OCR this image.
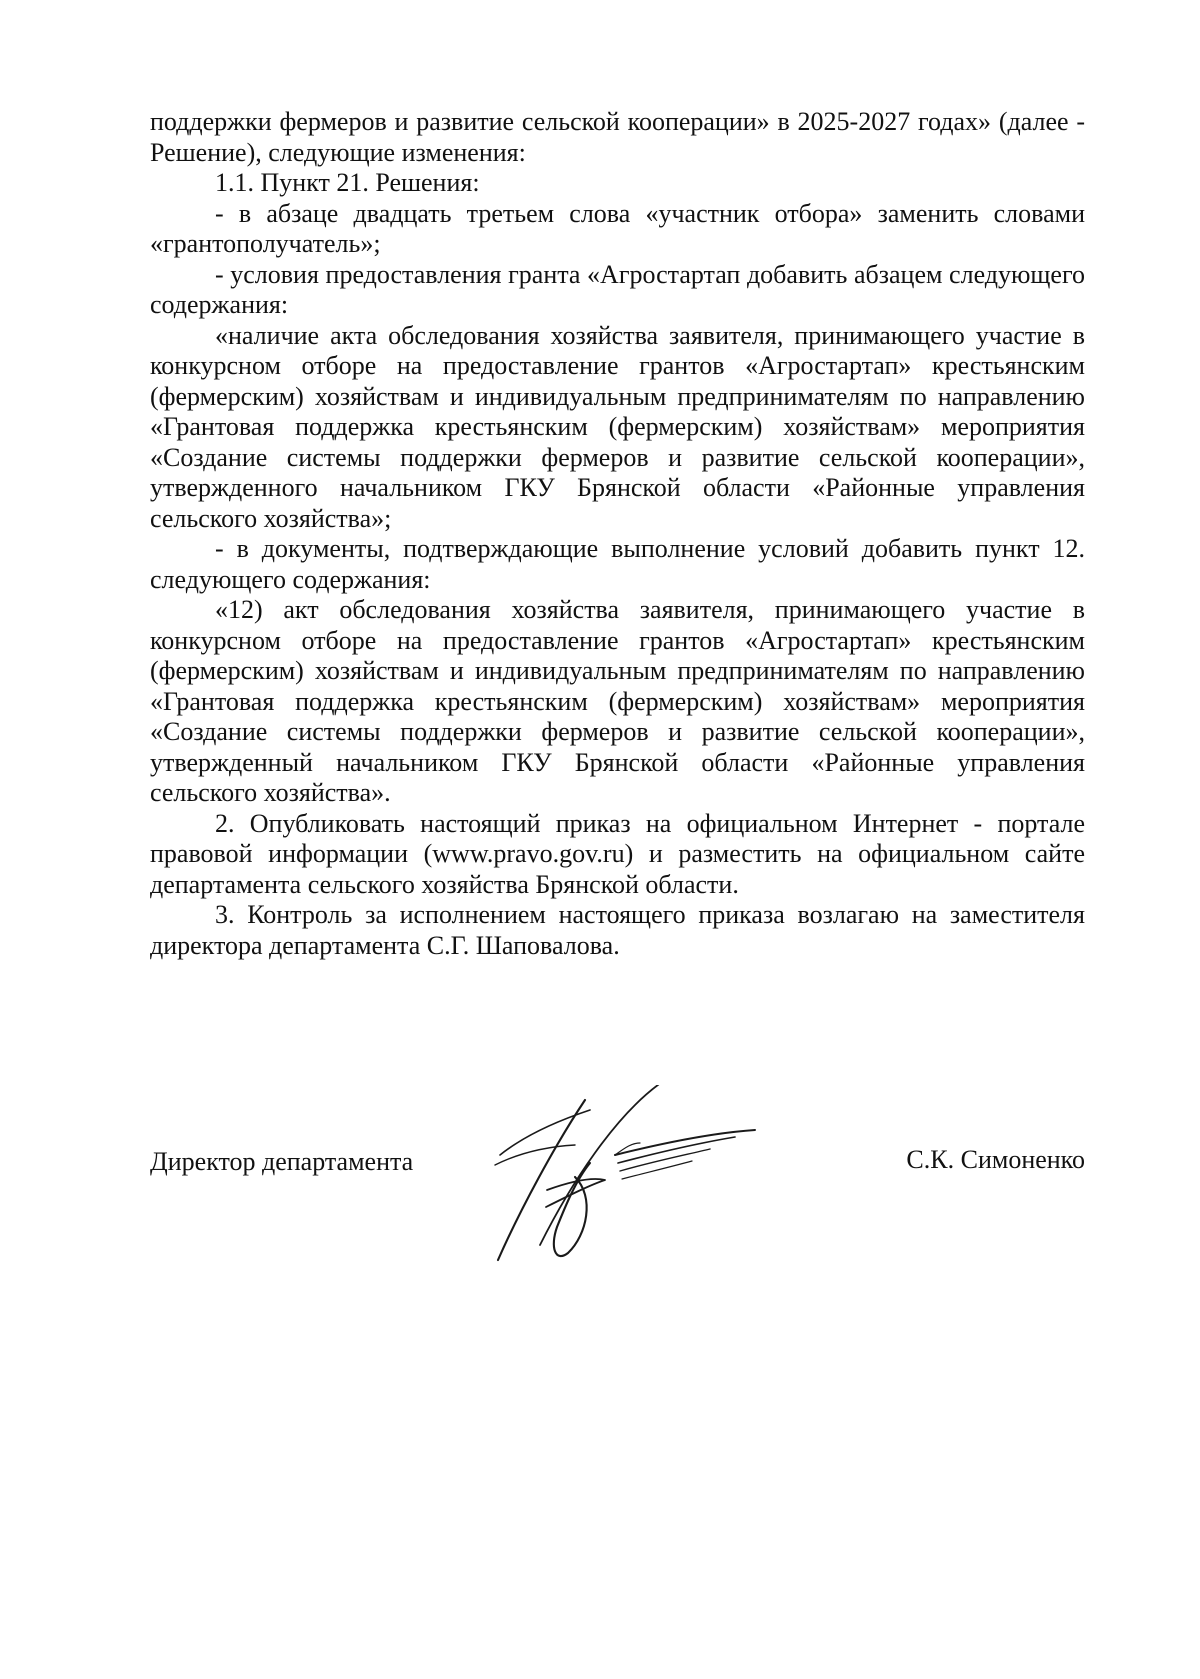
поддержки фермеров и развитие сельской кооперации» в 2025-2027 годах» (далее - Решение), следующие изменения:

1.1. Пункт 21. Решения:

- в абзаце двадцать третьем слова «участник отбора» заменить словами «грантополучатель»;

- условия предоставления гранта «Агростартап добавить абзацем следующего содержания:

«наличие акта обследования хозяйства заявителя, принимающего участие в конкурсном отборе на предоставление грантов «Агростартап» крестьянским (фермерским) хозяйствам и индивидуальным предпринимателям по направлению «Грантовая поддержка крестьянским (фермерским) хозяйствам» мероприятия «Создание системы поддержки фермеров и развитие сельской кооперации», утвержденного начальником ГКУ Брянской области «Районные управления сельского хозяйства»;

- в документы, подтверждающие выполнение условий добавить пункт 12. следующего содержания:

«12) акт обследования хозяйства заявителя, принимающего участие в конкурсном отборе на предоставление грантов «Агростартап» крестьянским (фермерским) хозяйствам и индивидуальным предпринимателям по направлению «Грантовая поддержка крестьянским (фермерским) хозяйствам» мероприятия «Создание системы поддержки фермеров и развитие сельской кооперации», утвержденный начальником ГКУ Брянской области «Районные управления сельского хозяйства».

2. Опубликовать настоящий приказ на официальном Интернет - портале правовой информации (www.pravo.gov.ru) и разместить на официальном сайте департамента сельского хозяйства Брянской области.

3. Контроль за исполнением настоящего приказа возлагаю на заместителя директора департамента С.Г. Шаповалова.

Директор департамента	С.К. Симоненко
